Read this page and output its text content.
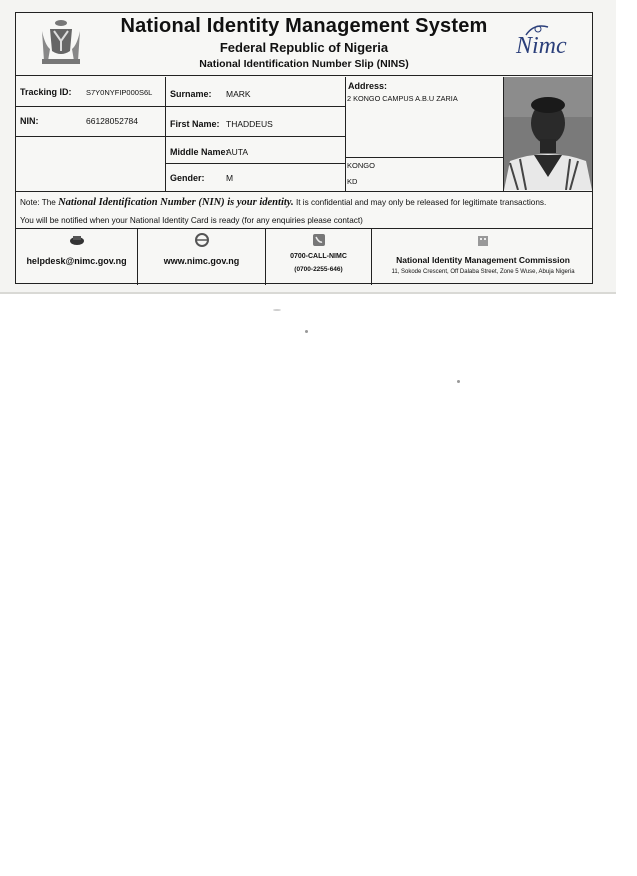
National Identity Management System
Federal Republic of Nigeria
National Identification Number Slip (NINS)
Nimc
Tracking ID: S7Y0NYFIP000S6L
NIN:	66128052784
Surname: MARK
First Name: THADDEUS
Middle Name:
AUTA
Gender:	M
Address:
2 KONGO CAMPUS A.B.U ZARIA
KONGO
KD
Note: The National Identification Number (NIN) is your identity. It is confidential and may only be released for legitimate transactions.
You will be notified when your National Identity Card is ready (for any enquiries please contact)
helpdesk@nimc.gov.ng	www.nimc.gov.ng	0700-CALL-NIMC
(0700-2255-646)
National Identity Management Commission
11, Sokode Crescent, Off Dalaba Street, Zone 5 Wuse, Abuja Nigeria
